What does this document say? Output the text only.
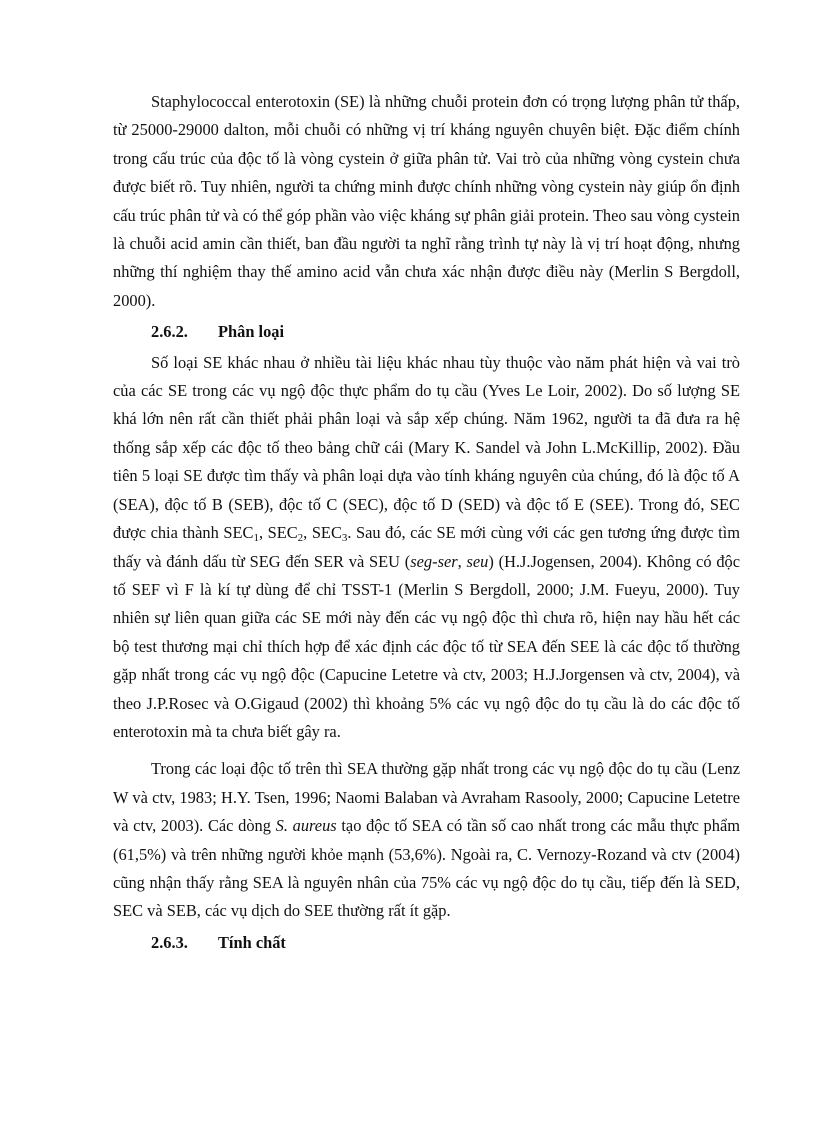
Staphylococcal enterotoxin (SE) là những chuỗi protein đơn có trọng lượng phân tử thấp, từ 25000-29000 dalton, mỗi chuỗi có những vị trí kháng nguyên chuyên biệt. Đặc điểm chính trong cấu trúc của độc tố là vòng cystein ở giữa phân tử. Vai trò của những vòng cystein chưa được biết rõ. Tuy nhiên, người ta chứng minh được chính những vòng cystein này giúp ổn định cấu trúc phân tử và có thể góp phần vào việc kháng sự phân giải protein. Theo sau vòng cystein là chuỗi acid amin cần thiết, ban đầu người ta nghĩ rằng trình tự này là vị trí hoạt động, nhưng những thí nghiệm thay thế amino acid vẫn chưa xác nhận được điều này (Merlin S Bergdoll, 2000).

2.6.2. Phân loại

Số loại SE khác nhau ở nhiều tài liệu khác nhau tùy thuộc vào năm phát hiện và vai trò của các SE trong các vụ ngộ độc thực phẩm do tụ cầu (Yves Le Loir, 2002). Do số lượng SE khá lớn nên rất cần thiết phải phân loại và sắp xếp chúng. Năm 1962, người ta đã đưa ra hệ thống sắp xếp các độc tố theo bảng chữ cái (Mary K. Sandel và John L.McKillip, 2002). Đầu tiên 5 loại SE được tìm thấy và phân loại dựa vào tính kháng nguyên của chúng, đó là độc tố A (SEA), độc tố B (SEB), độc tố C (SEC), độc tố D (SED) và độc tố E (SEE). Trong đó, SEC được chia thành $SEC_1$, $SEC_2$, $SEC_3$. Sau đó, các SE mới cùng với các gen tương ứng được tìm thấy và đánh dấu từ SEG đến SER và SEU (seg-ser, seu) (H.J.Jogensen, 2004). Không có độc tố SEF vì F là kí tự dùng để chỉ TSST-1 (Merlin S Bergdoll, 2000; J.M. Fueyu, 2000). Tuy nhiên sự liên quan giữa các SE mới này đến các vụ ngộ độc thì chưa rõ, hiện nay hầu hết các bộ test thương mại chỉ thích hợp để xác định các độc tố từ SEA đến SEE là các độc tố thường gặp nhất trong các vụ ngộ độc (Capucine Letetre và ctv, 2003; H.J.Jorgensen và ctv, 2004), và theo J.P.Rosec và O.Gigaud (2002) thì khoảng 5% các vụ ngộ độc do tụ cầu là do các độc tố enterotoxin mà ta chưa biết gây ra.

Trong các loại độc tố trên thì SEA thường gặp nhất trong các vụ ngộ độc do tụ cầu (Lenz W và ctv, 1983; H.Y. Tsen, 1996; Naomi Balaban và Avraham Rasooly, 2000; Capucine Letetre và ctv, 2003). Các dòng S. aureus tạo độc tố SEA có tần số cao nhất trong các mẫu thực phẩm (61,5%) và trên những người khỏe mạnh (53,6%). Ngoài ra, C. Vernozy-Rozand và ctv (2004) cũng nhận thấy rằng SEA là nguyên nhân của 75% các vụ ngộ độc do tụ cầu, tiếp đến là SED, SEC và SEB, các vụ dịch do SEE thường rất ít gặp.

2.6.3. Tính chất
